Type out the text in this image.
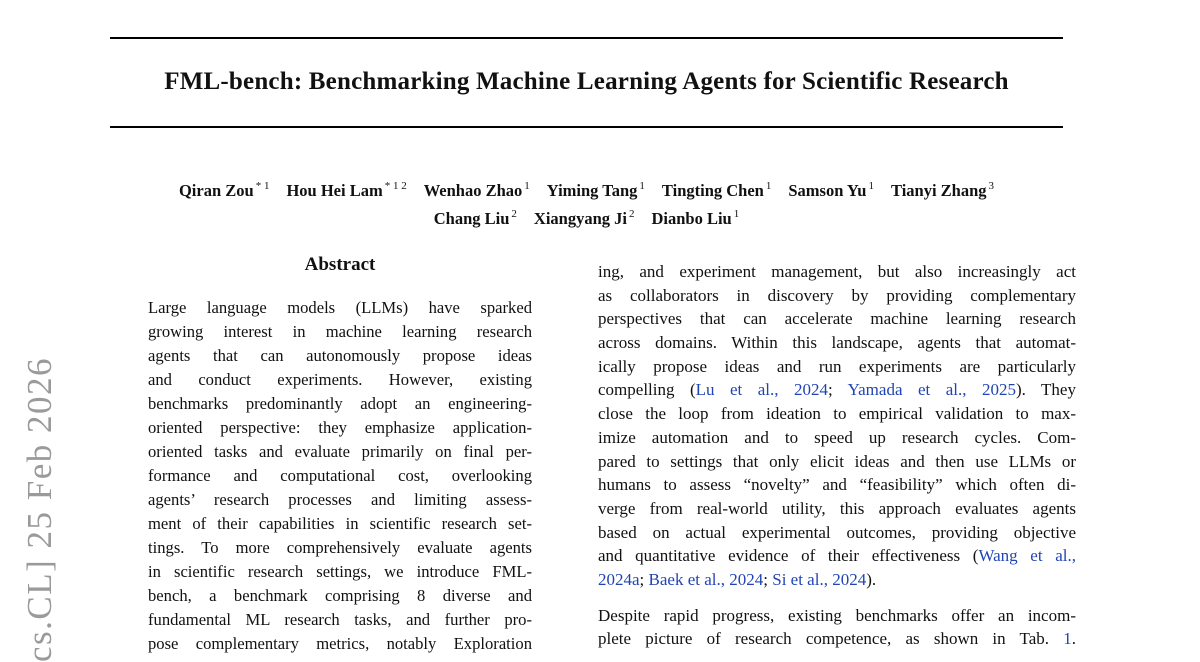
cs.CL] 25 Feb 2026
FML-bench: Benchmarking Machine Learning Agents for Scientific Research
Qiran Zou $^{* 1}$ Hou Hei Lam $^{* 1 2}$ Wenhao Zhao $^1$ Yiming Tang $^1$ Tingting Chen $^1$ Samson Yu $^1$ Tianyi Zhang $^3$
Chang Liu $^2$ Xiangyang Ji $^2$ Dianbo Liu $^1$
Abstract
Large language models (LLMs) have sparked
growing interest in machine learning research
agents that can autonomously propose ideas
and conduct experiments. However, existing
benchmarks predominantly adopt an engineering-
oriented perspective: they emphasize application-
oriented tasks and evaluate primarily on final per-
formance and computational cost, overlooking
agents’ research processes and limiting assess-
ment of their capabilities in scientific research set-
tings. To more comprehensively evaluate agents
in scientific research settings, we introduce FML-
bench, a benchmark comprising 8 diverse and
fundamental ML research tasks, and further pro-
pose complementary metrics, notably Exploration
ing, and experiment management, but also increasingly act
as collaborators in discovery by providing complementary
perspectives that can accelerate machine learning research
across domains. Within this landscape, agents that automat-
ically propose ideas and run experiments are particularly
compelling (Lu et al., 2024; Yamada et al., 2025). They
close the loop from ideation to empirical validation to max-
imize automation and to speed up research cycles. Com-
pared to settings that only elicit ideas and then use LLMs or
humans to assess “novelty” and “feasibility” which often di-
verge from real-world utility, this approach evaluates agents
based on actual experimental outcomes, providing objective
and quantitative evidence of their effectiveness (Wang et al.,
2024a; Baek et al., 2024; Si et al., 2024).
Despite rapid progress, existing benchmarks offer an incom-
plete picture of research competence, as shown in Tab. 1.
